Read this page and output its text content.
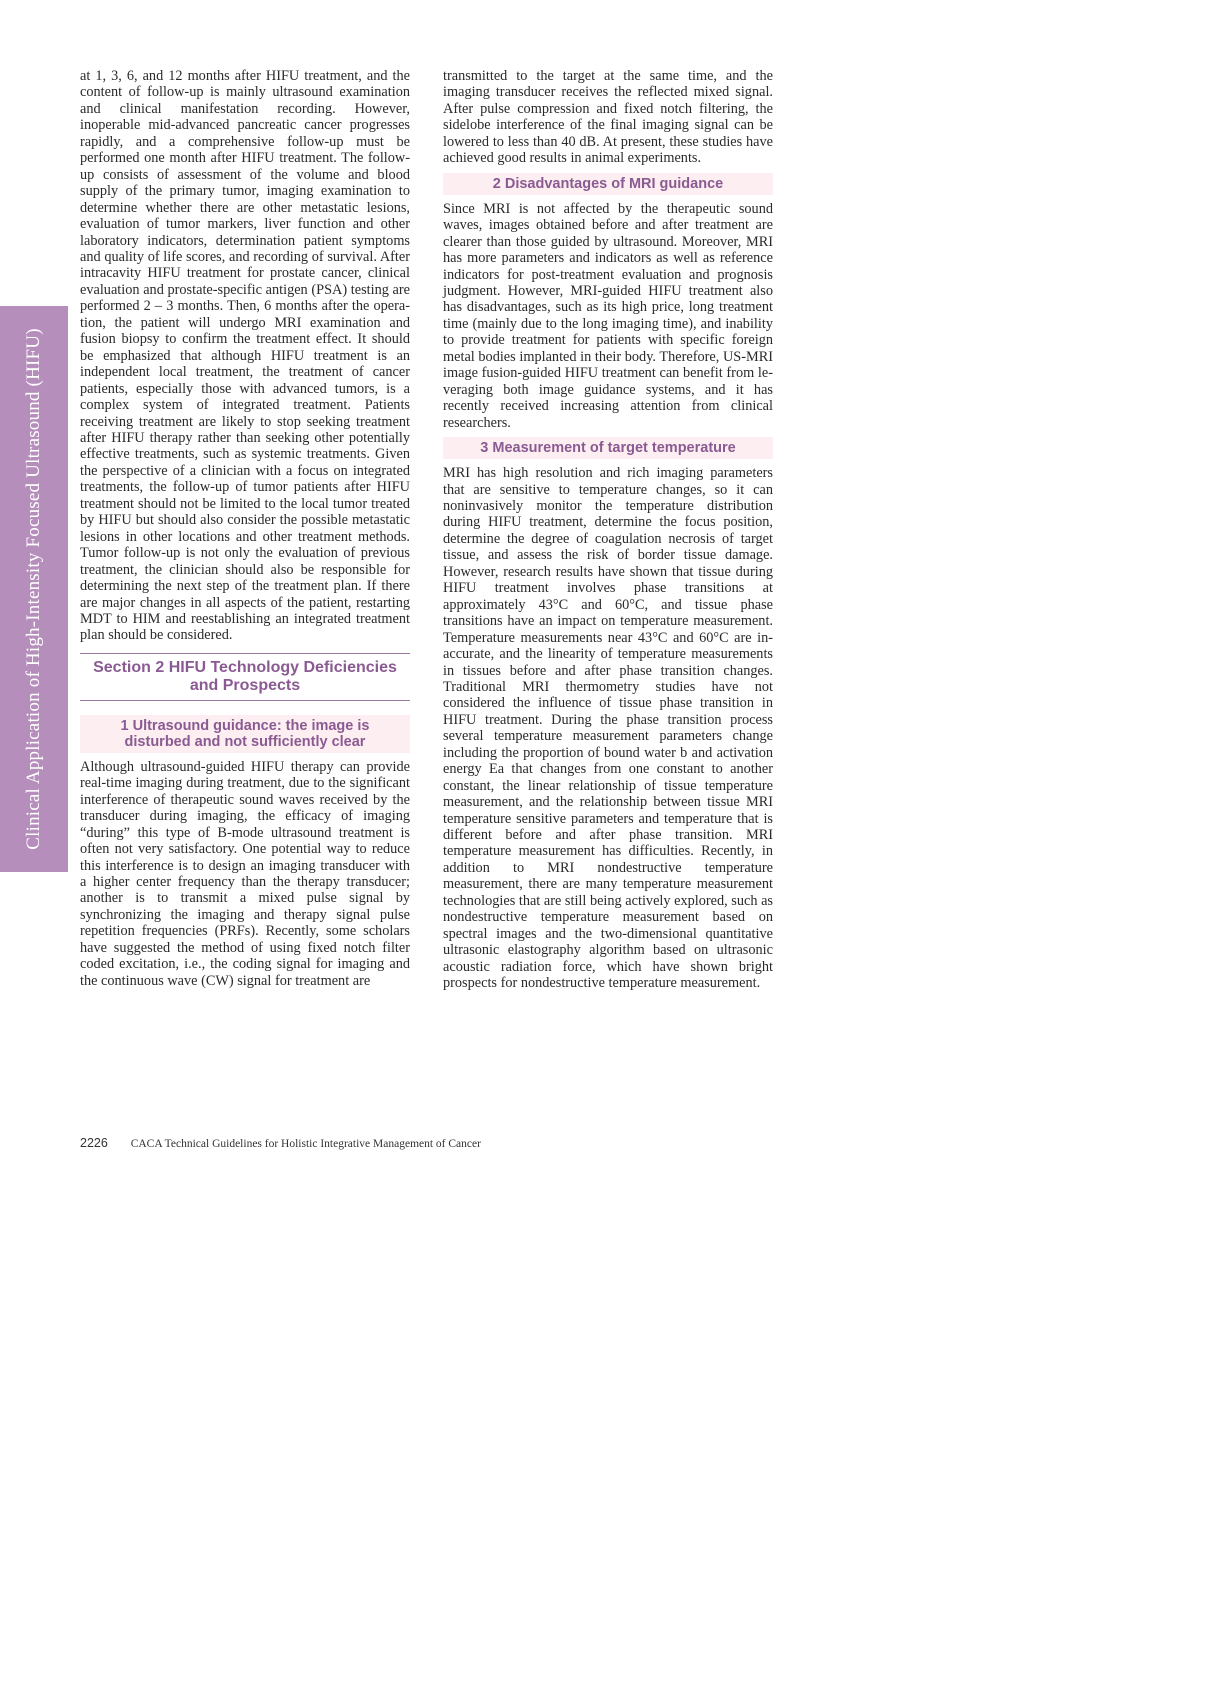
Clinical Application of High-Intensity Focused Ultrasound (HIFU)

at 1, 3, 6, and 12 months after HIFU treatment, and the content of follow-up is mainly ultrasound examination and clinical manifestation recording. However, inoperable mid-advanced pancreatic cancer progresses rapidly, and a comprehensive follow-up must be performed one month after HIFU treatment. The follow-up consists of assessment of the volume and blood supply of the primary tumor, imaging examination to determine whether there are other metastatic lesions, evaluation of tumor markers, liver function and other laboratory indicators, determination patient symptoms and quality of life scores, and recording of survival. After intracavity HIFU treatment for prostate cancer, clinical evaluation and prostate-specific antigen (PSA) testing are performed 2 – 3 months. Then, 6 months after the operation, the patient will undergo MRI examination and fusion biopsy to confirm the treatment effect. It should be emphasized that although HIFU treatment is an independent local treatment, the treatment of cancer patients, especially those with advanced tumors, is a complex system of integrated treatment. Patients receiving treatment are likely to stop seeking treatment after HIFU therapy rather than seeking other potentially effective treatments, such as systemic treatments. Given the perspective of a clinician with a focus on integrated treatments, the follow-up of tumor patients after HIFU treatment should not be limited to the local tumor treated by HIFU but should also consider the possible metastatic lesions in other locations and other treatment methods. Tumor follow-up is not only the evaluation of previous treatment, the clinician should also be responsible for determining the next step of the treatment plan. If there are major changes in all aspects of the patient, restarting MDT to HIM and reestablishing an integrated treatment plan should be considered.

Section 2 HIFU Technology Deficiencies and Prospects
1 Ultrasound guidance: the image is disturbed and not sufficiently clear

Although ultrasound-guided HIFU therapy can provide real-time imaging during treatment, due to the significant interference of therapeutic sound waves received by the transducer during imaging, the efficacy of imaging “during” this type of B-mode ultrasound treatment is often not very satisfactory. One potential way to reduce this interference is to design an imaging transducer with a higher center frequency than the therapy transducer; another is to transmit a mixed pulse signal by synchronizing the imaging and therapy signal pulse repetition frequencies (PRFs). Recently, some scholars have suggested the method of using fixed notch filter coded excitation, i.e., the coding signal for imaging and the continuous wave (CW) signal for treatment are

transmitted to the target at the same time, and the imaging transducer receives the reflected mixed signal. After pulse compression and fixed notch filtering, the sidelobe interference of the final imaging signal can be lowered to less than 40 dB. At present, these studies have achieved good results in animal experiments.

2 Disadvantages of MRI guidance

Since MRI is not affected by the therapeutic sound waves, images obtained before and after treatment are clearer than those guided by ultrasound. Moreover, MRI has more parameters and indicators as well as reference indicators for post-treatment evaluation and prognosis judgment. However, MRI-guided HIFU treatment also has disadvantages, such as its high price, long treatment time (mainly due to the long imaging time), and inability to provide treatment for patients with specific foreign metal bodies implanted in their body. Therefore, US-MRI image fusion-guided HIFU treatment can benefit from leveraging both image guidance systems, and it has recently received increasing attention from clinical researchers.

3 Measurement of target temperature

MRI has high resolution and rich imaging parameters that are sensitive to temperature changes, so it can noninvasively monitor the temperature distribution during HIFU treatment, determine the focus position, determine the degree of coagulation necrosis of target tissue, and assess the risk of border tissue damage. However, research results have shown that tissue during HIFU treatment involves phase transitions at approximately 43°C and 60°C, and tissue phase transitions have an impact on temperature measurement. Temperature measurements near 43°C and 60°C are inaccurate, and the linearity of temperature measurements in tissues before and after phase transition changes. Traditional MRI thermometry studies have not considered the influence of tissue phase transition in HIFU treatment. During the phase transition process several temperature measurement parameters change including the proportion of bound water b and activation energy Ea that changes from one constant to another constant, the linear relationship of tissue temperature measurement, and the relationship between tissue MRI temperature sensitive parameters and temperature that is different before and after phase transition. MRI temperature measurement has difficulties. Recently, in addition to MRI nondestructive temperature measurement, there are many temperature measurement technologies that are still being actively explored, such as nondestructive temperature measurement based on spectral images and the two-dimensional quantitative ultrasonic elastography algorithm based on ultrasonic acoustic radiation force, which have shown bright prospects for nondestructive temperature measurement.

2226 CACA Technical Guidelines for Holistic Integrative Management of Cancer
